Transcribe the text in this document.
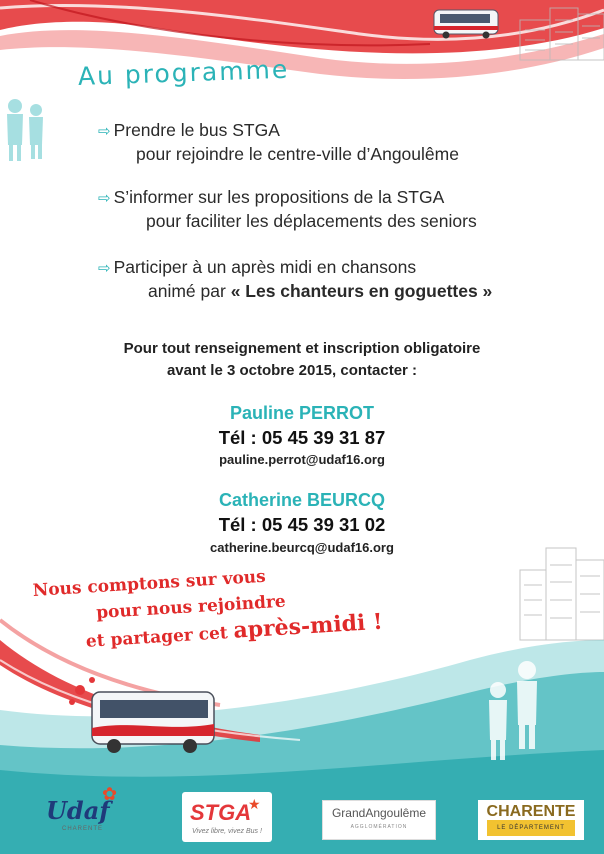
Au programme
⇨ Prendre le bus STGA
pour rejoindre le centre-ville d’Angoulême
⇨ S’informer sur les propositions de la STGA
pour faciliter les déplacements des seniors
⇨ Participer à un après midi en chansons
animé par « Les chanteurs en goguettes »
Pour tout renseignement et inscription obligatoire
avant le 3 octobre 2015, contacter :
Pauline PERROT
Tél : 05 45 39 31 87
pauline.perrot@udaf16.org
Catherine BEURCQ
Tél : 05 45 39 31 02
catherine.beurcq@udaf16.org
Nous comptons sur vous
pour nous rejoindre
et partager cet après-midi !
✿
Udaf
CHARENTE
STGA
★
Vivez libre, vivez Bus !
GrandAngoulême
AGGLOMÉRATION
CHARENTE
LE DÉPARTEMENT
